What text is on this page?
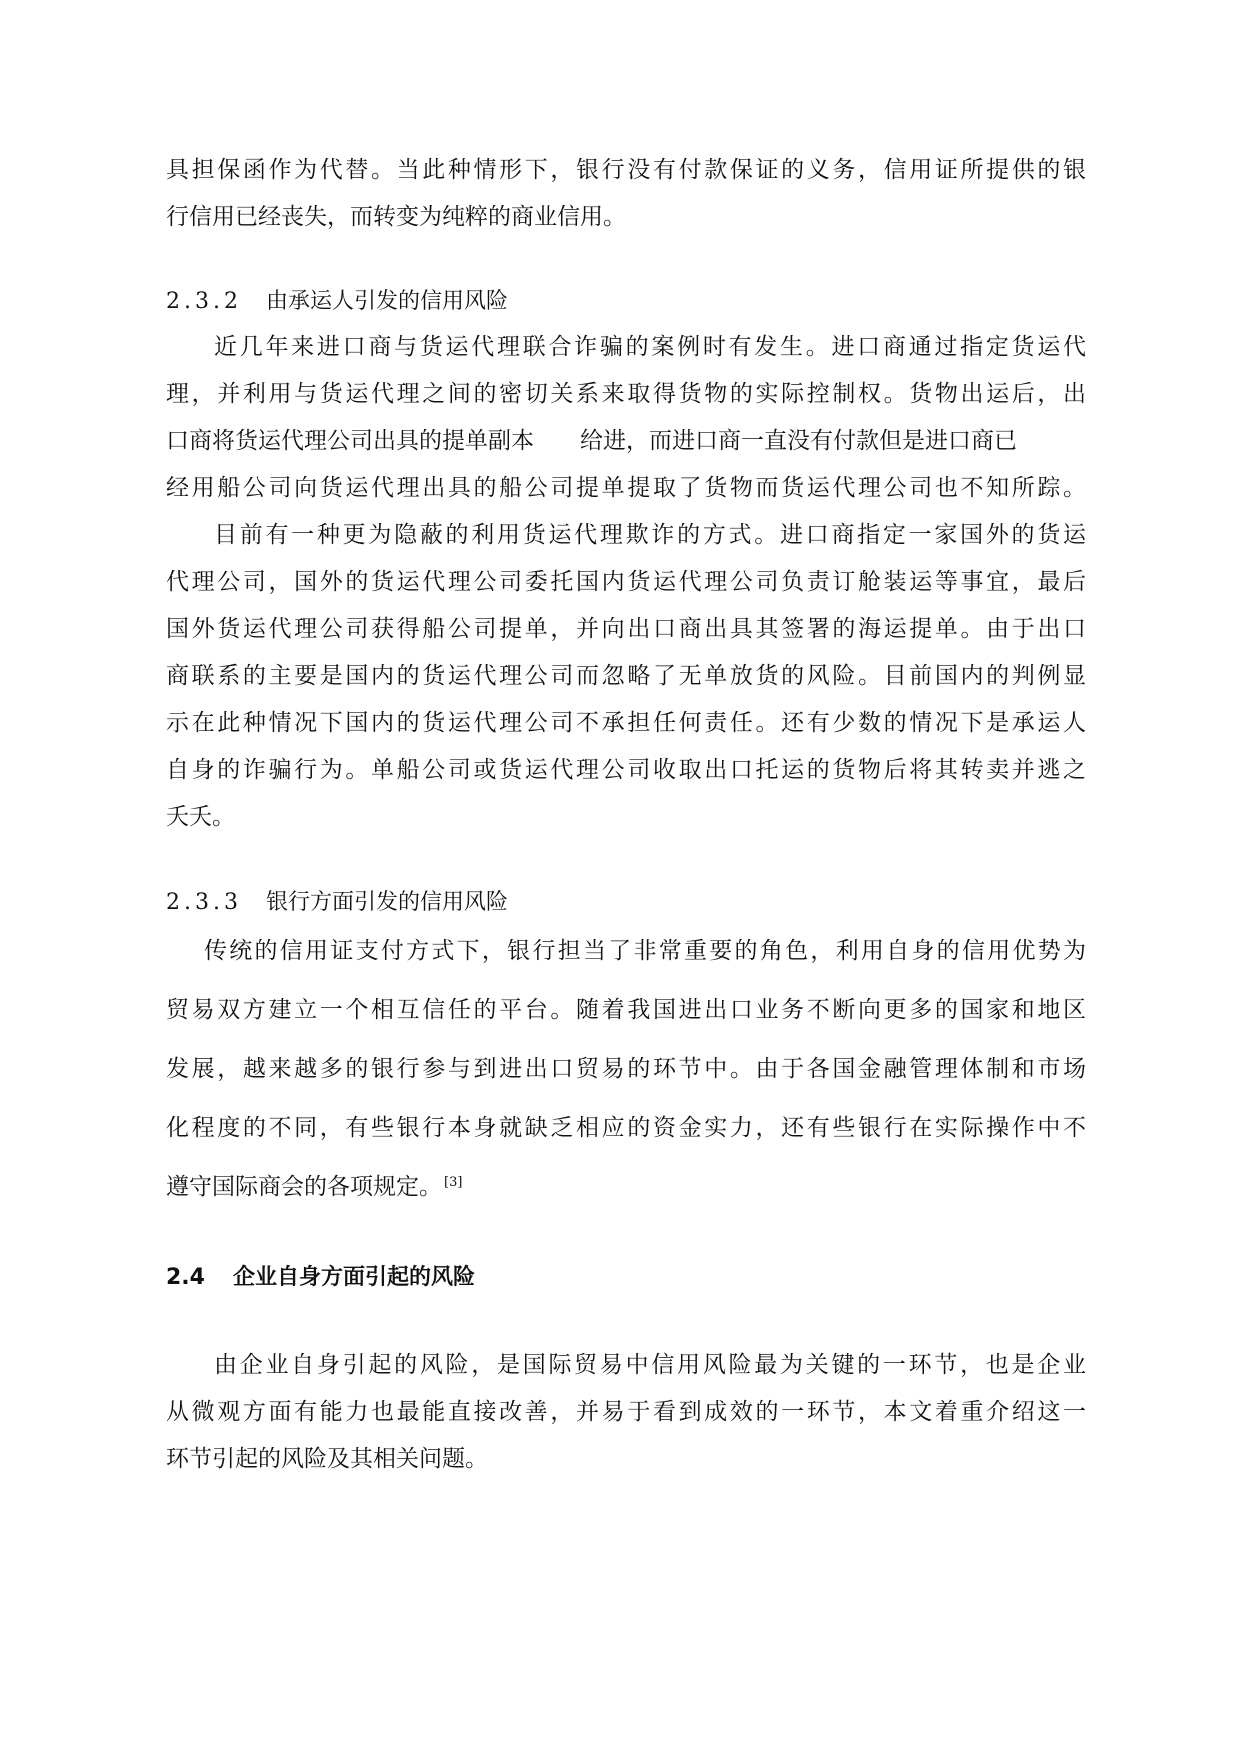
具担保函作为代替。当此种情形下，银行没有付款保证的义务，信用证所提供的银
行信用已经丧失，而转变为纯粹的商业信用。
2.3.2 由承运人引发的信用风险
近几年来进口商与货运代理联合诈骗的案例时有发生。进口商通过指定货运代
理，并利用与货运代理之间的密切关系来取得货物的实际控制权。货物出运后，出
口商将货运代理公司出具的提单副本 给进，而进口商一直没有付款但是进口商已
经用船公司向货运代理出具的船公司提单提取了货物而货运代理公司也不知所踪。
目前有一种更为隐蔽的利用货运代理欺诈的方式。进口商指定一家国外的货运
代理公司，国外的货运代理公司委托国内货运代理公司负责订舱装运等事宜，最后
国外货运代理公司获得船公司提单，并向出口商出具其签署的海运提单。由于出口
商联系的主要是国内的货运代理公司而忽略了无单放货的风险。目前国内的判例显
示在此种情况下国内的货运代理公司不承担任何责任。还有少数的情况下是承运人
自身的诈骗行为。单船公司或货运代理公司收取出口托运的货物后将其转卖并逃之
夭夭。
2.3.3 银行方面引发的信用风险
传统的信用证支付方式下，银行担当了非常重要的角色，利用自身的信用优势为
贸易双方建立一个相互信任的平台。随着我国进出口业务不断向更多的国家和地区
发展，越来越多的银行参与到进出口贸易的环节中。由于各国金融管理体制和市场
化程度的不同，有些银行本身就缺乏相应的资金实力，还有些银行在实际操作中不
遵守国际商会的各项规定。 [3]
2.4 企业自身方面引起的风险
由企业自身引起的风险，是国际贸易中信用风险最为关键的一环节，也是企业
从微观方面有能力也最能直接改善，并易于看到成效的一环节，本文着重介绍这一
环节引起的风险及其相关问题。
